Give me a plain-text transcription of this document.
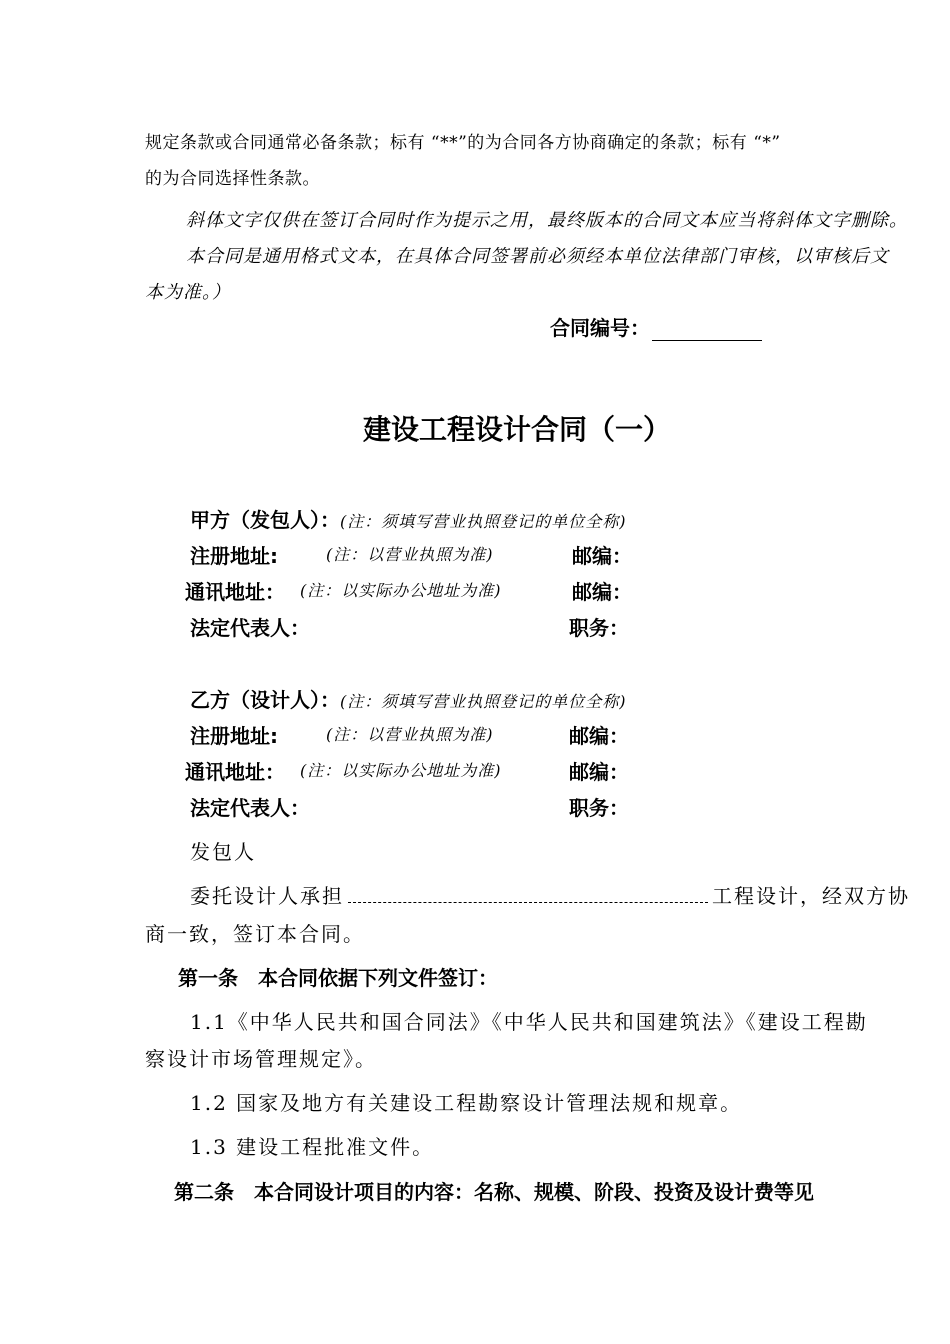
规定条款或合同通常必备条款；标有 “**”的为合同各方协商确定的条款；标有 “*”
的为合同选择性条款。
斜体文字仅供在签订合同时作为提示之用，最终版本的合同文本应当将斜体文字删除。
本合同是通用格式文本，在具体合同签署前必须经本单位法律部门审核，以审核后文
本为准。）
合同编号：
建设工程设计合同（一）
甲方（发包人）：(注：须填写营业执照登记的单位全称)
注册地址:	(注：以营业执照为准)	邮编：
通讯地址： (注：以实际办公地址为准)	邮编：
法定代表人：	职务：
乙方（设计人）：(注：须填写营业执照登记的单位全称)
注册地址:	(注：以营业执照为准)	邮编：
通讯地址： (注：以实际办公地址为准)	邮编：
法定代表人：	职务：
发包人
委托设计人承担	工程设计，经双方协
商一致，签订本合同。
第一条　本合同依据下列文件签订：
1.1《中华人民共和国合同法》《中华人民共和国建筑法》《建设工程勘
察设计市场管理规定》。
1.2 国家及地方有关建设工程勘察设计管理法规和规章。
1.3 建设工程批准文件。
第二条　本合同设计项目的内容：名称、规模、阶段、投资及设计费等见
